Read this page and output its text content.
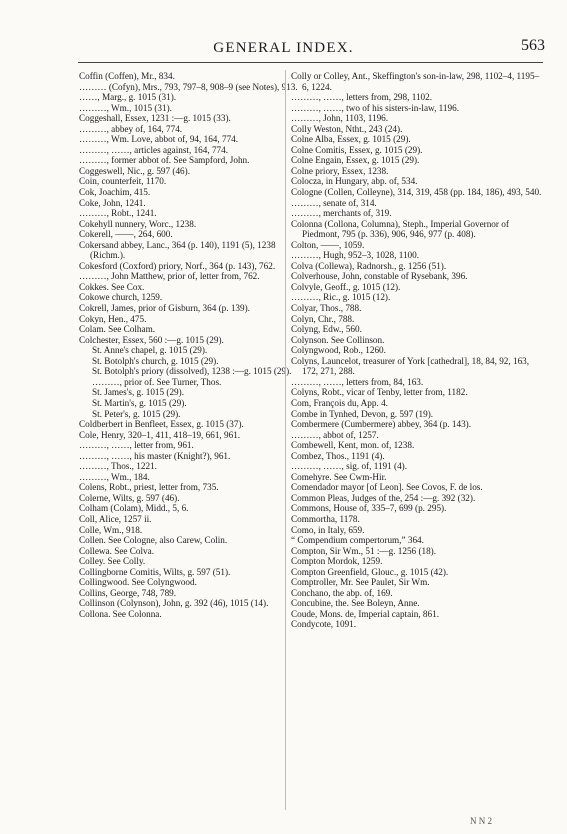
GENERAL INDEX.	563

Coffin (Coffen), Mr., 834.

……… (Cofyn), Mrs., 793, 797–8, 908–9 (see Notes), 913.

……, Marg., g. 1015 (31).

………, Wm., 1015 (31).

Coggeshall, Essex, 1231 :—g. 1015 (33).

………, abbey of, 164, 774.

………, Wm. Love, abbot of, 94, 164, 774.

………, ……, articles against, 164, 774.

………, former abbot of. See Sampford, John.

Coggeswell, Nic., g. 597 (46).

Coin, counterfeit, 1170.

Cok, Joachim, 415.

Coke, John, 1241.

………, Robt., 1241.

Cokehyll nunnery, Worc., 1238.

Cokerell, ——, 264, 600.

Cokersand abbey, Lanc., 364 (p. 140), 1191 (5), 1238 (Richm.).

Cokesford (Coxford) priory, Norf., 364 (p. 143), 762.

………, John Matthew, prior of, letter from, 762.

Cokkes. See Cox.

Cokowe church, 1259.

Cokrell, James, prior of Gisburn, 364 (p. 139).

Cokyn, Hen., 475.

Colam. See Colham.

Colchester, Essex, 560 :—g. 1015 (29).

St. Anne's chapel, g. 1015 (29).

St. Botolph's church, g. 1015 (29).

St. Botolph's priory (dissolved), 1238 :—g. 1015 (29).

………, prior of. See Turner, Thos.

St. James's, g. 1015 (29).

St. Martin's, g. 1015 (29).

St. Peter's, g. 1015 (29).

Coldberbert in Benfleet, Essex, g. 1015 (37).

Cole, Henry, 320–1, 411, 418–19, 661, 961.

………, ……, letter from, 961.

………, ……, his master (Knight?), 961.

………, Thos., 1221.

………, Wm., 184.

Colens, Robt., priest, letter from, 735.

Colerne, Wilts, g. 597 (46).

Colham (Colam), Midd., 5, 6.

Coll, Alice, 1257 ii.

Colle, Wm., 918.

Collen. See Cologne, also Carew, Colin.

Collewa. See Colva.

Colley. See Colly.

Collingborne Comitis, Wilts, g. 597 (51).

Collingwood. See Colyngwood.

Collins, George, 748, 789.

Collinson (Colynson), John, g. 392 (46), 1015 (14).

Collona. See Colonna.

Colly or Colley, Ant., Skeffington's son-in-law, 298, 1102–4, 1195–6, 1224.

………, ……, letters from, 298, 1102.

………, ……, two of his sisters-in-law, 1196.

………, John, 1103, 1196.

Colly Weston, Ntht., 243 (24).

Colne Alba, Essex, g. 1015 (29).

Colne Comitis, Essex, g. 1015 (29).

Colne Engain, Essex, g. 1015 (29).

Colne priory, Essex, 1238.

Colocza, in Hungary, abp. of, 534.

Cologne (Collen, Colleyne), 314, 319, 458 (pp. 184, 186), 493, 540.

………, senate of, 314.

………, merchants of, 319.

Colonna (Collona, Columna), Steph., Imperial Governor of Piedmont, 795 (p. 336), 906, 946, 977 (p. 408).

Colton, ——, 1059.

………, Hugh, 952–3, 1028, 1100.

Colva (Collewa), Radnorsh., g. 1256 (51).

Colverhouse, John, constable of Rysebank, 396.

Colvyle, Geoff., g. 1015 (12).

………, Ric., g. 1015 (12).

Colyar, Thos., 788.

Colyn, Chr., 788.

Colyng, Edw., 560.

Colynson. See Collinson.

Colyngwood, Rob., 1260.

Colyns, Launcelot, treasurer of York [cathedral], 18, 84, 92, 163, 172, 271, 288.

………, ……, letters from, 84, 163.

Colyns, Robt., vicar of Tenby, letter from, 1182.

Com, François du, App. 4.

Combe in Tynhed, Devon, g. 597 (19).

Combermere (Cumbermere) abbey, 364 (p. 143).

………, abbot of, 1257.

Combewell, Kent, mon. of, 1238.

Combez, Thos., 1191 (4).

………, ……, sig. of, 1191 (4).

Comehyre. See Cwm-Hir.

Comendador mayor [of Leon]. See Covos, F. de los.

Common Pleas, Judges of the, 254 :—g. 392 (32).

Commons, House of, 335–7, 699 (p. 295).

Commortha, 1178.

Como, in Italy, 659.

“ Compendium compertorum,” 364.

Compton, Sir Wm., 51 :—g. 1256 (18).

Compton Mordok, 1259.

Compton Greenfield, Glouc., g. 1015 (42).

Comptroller, Mr. See Paulet, Sir Wm.

Conchano, the abp. of, 169.

Concubine, the. See Boleyn, Anne.

Coude, Mons. de, Imperial captain, 861.

Condycote, 1091.

N N 2
